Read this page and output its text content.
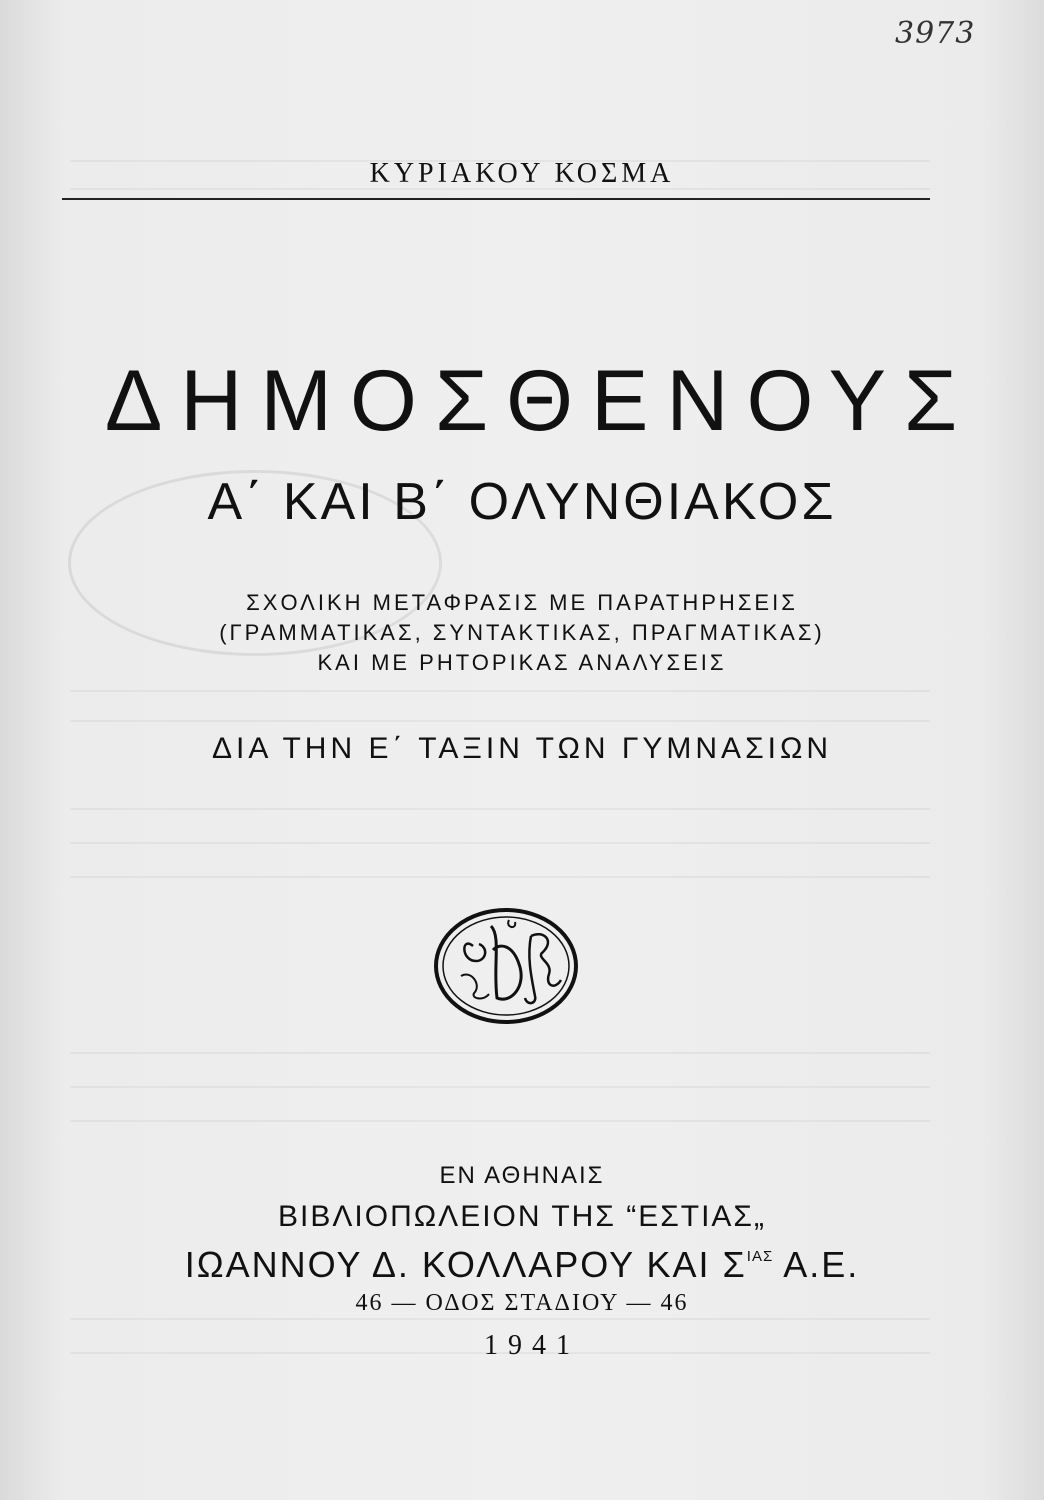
3973
ΚΥΡΙΑΚΟΥ ΚΟΣΜΑ
ΔΗΜΟΣΘΕΝΟΥΣ
Α΄ ΚΑΙ Β΄ ΟΛΥΝΘΙΑΚΟΣ
ΣΧΟΛΙΚΗ ΜΕΤΑΦΡΑΣΙΣ ΜΕ ΠΑΡΑΤΗΡΗΣΕΙΣ
(ΓΡΑΜΜΑΤΙΚΑΣ, ΣΥΝΤΑΚΤΙΚΑΣ, ΠΡΑΓΜΑΤΙΚΑΣ)
ΚΑΙ ΜΕ ΡΗΤΟΡΙΚΑΣ ΑΝΑΛΥΣΕΙΣ
ΔΙΑ ΤΗΝ Ε΄ ΤΑΞΙΝ ΤΩΝ ΓΥΜΝΑΣΙΩΝ
ΕΝ ΑΘΗΝΑΙΣ
ΒΙΒΛΙΟΠΩΛΕΙΟΝ ΤΗΣ “ΕΣΤΙΑΣ„
ΙΩΑΝΝΟΥ Δ. ΚΟΛΛΑΡΟΥ ΚΑΙ $\Sigma^{IA\Sigma}$ Α.Ε.
46 — ΟΔΟΣ ΣΤΑΔΙΟΥ — 46
1941
